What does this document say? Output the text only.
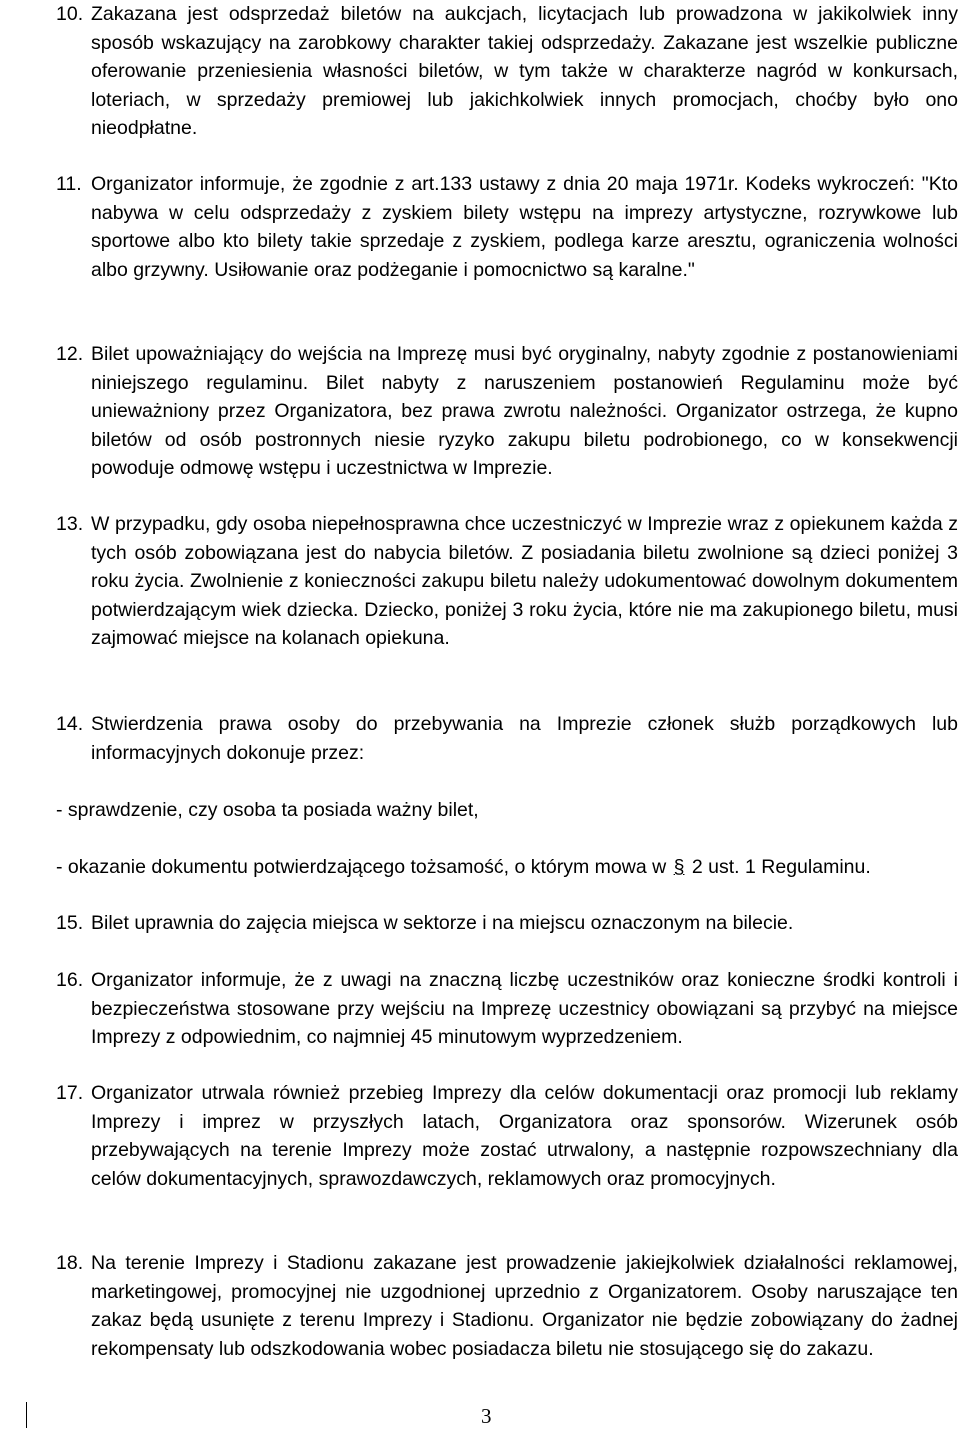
10. Zakazana jest odsprzedaż biletów na aukcjach, licytacjach lub prowadzona w jakikolwiek inny sposób wskazujący na zarobkowy charakter takiej odsprzedaży. Zakazane jest wszelkie publiczne oferowanie przeniesienia własności biletów, w tym także w charakterze nagród w konkursach, loteriach, w sprzedaży premiowej lub jakichkolwiek innych promocjach, choćby było ono nieodpłatne.
11. Organizator informuje, że zgodnie z art.133 ustawy z dnia 20 maja 1971r. Kodeks wykroczeń: "Kto nabywa w celu odsprzedaży z zyskiem bilety wstępu na imprezy artystyczne, rozrywkowe lub sportowe albo kto bilety takie sprzedaje z zyskiem, podlega karze aresztu, ograniczenia wolności albo grzywny. Usiłowanie oraz podżeganie i pomocnictwo są karalne."
12. Bilet upoważniający do wejścia na Imprezę musi być oryginalny, nabyty zgodnie z postanowieniami niniejszego regulaminu. Bilet nabyty z naruszeniem postanowień Regulaminu może być unieważniony przez Organizatora, bez prawa zwrotu należności. Organizator ostrzega, że kupno biletów od osób postronnych niesie ryzyko zakupu biletu podrobionego, co w konsekwencji powoduje odmowę wstępu i uczestnictwa w Imprezie.
13. W przypadku, gdy osoba niepełnosprawna chce uczestniczyć w Imprezie wraz z opiekunem każda z tych osób zobowiązana jest do nabycia biletów. Z posiadania biletu zwolnione są dzieci poniżej 3 roku życia. Zwolnienie z konieczności zakupu biletu należy udokumentować dowolnym dokumentem potwierdzającym wiek dziecka. Dziecko, poniżej 3 roku życia, które nie ma zakupionego biletu, musi zajmować miejsce na kolanach opiekuna.
14. Stwierdzenia prawa osoby do przebywania na Imprezie członek służb porządkowych lub informacyjnych dokonuje przez:
- sprawdzenie, czy osoba ta posiada ważny bilet,
- okazanie dokumentu potwierdzającego tożsamość, o którym mowa w § 2 ust. 1 Regulaminu.
15. Bilet uprawnia do zajęcia miejsca w sektorze i na miejscu oznaczonym na bilecie.
16. Organizator informuje, że z uwagi na znaczną liczbę uczestników oraz konieczne środki kontroli i bezpieczeństwa stosowane przy wejściu na Imprezę uczestnicy obowiązani są przybyć na miejsce Imprezy z odpowiednim, co najmniej 45 minutowym wyprzedzeniem.
17. Organizator utrwala również przebieg Imprezy dla celów dokumentacji oraz promocji lub reklamy Imprezy i imprez w przyszłych latach, Organizatora oraz sponsorów. Wizerunek osób przebywających na terenie Imprezy może zostać utrwalony, a następnie rozpowszechniany dla celów dokumentacyjnych, sprawozdawczych, reklamowych oraz promocyjnych.
18. Na terenie Imprezy i Stadionu zakazane jest prowadzenie jakiejkolwiek działalności reklamowej, marketingowej, promocyjnej nie uzgodnionej uprzednio z Organizatorem. Osoby naruszające ten zakaz będą usunięte z terenu Imprezy i Stadionu. Organizator nie będzie zobowiązany do żadnej rekompensaty lub odszkodowania wobec posiadacza biletu nie stosującego się do zakazu.
3
